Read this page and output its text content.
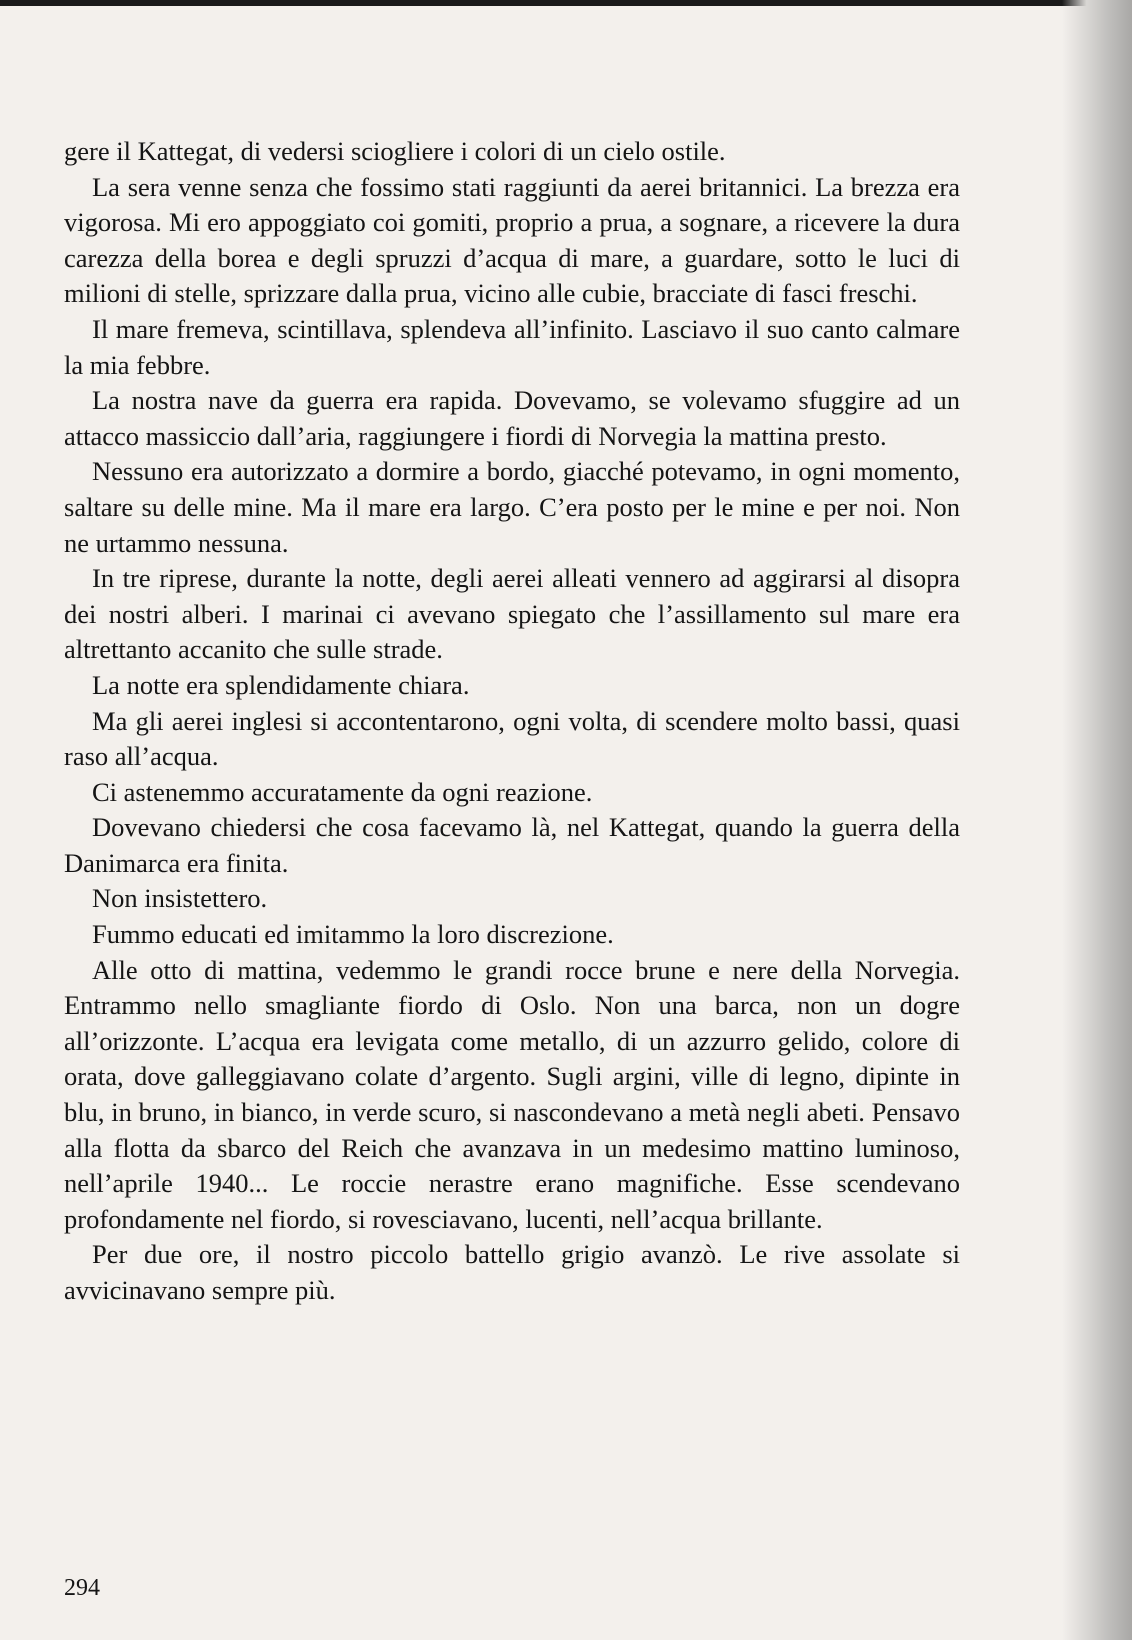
gere il Kattegat, di vedersi sciogliere i colori di un cielo ostile.

La sera venne senza che fossimo stati raggiunti da aerei britannici. La brezza era vigorosa. Mi ero appoggiato coi gomiti, proprio a prua, a sognare, a ricevere la dura carezza della borea e degli spruzzi d’acqua di mare, a guardare, sotto le luci di milioni di stelle, sprizzare dalla prua, vicino alle cubie, bracciate di fasci freschi.

Il mare fremeva, scintillava, splendeva all’infinito. Lasciavo il suo canto calmare la mia febbre.

La nostra nave da guerra era rapida. Dovevamo, se volevamo sfuggire ad un attacco massiccio dall’aria, raggiungere i fiordi di Norvegia la mattina presto.

Nessuno era autorizzato a dormire a bordo, giacché potevamo, in ogni momento, saltare su delle mine. Ma il mare era largo. C’era posto per le mine e per noi. Non ne urtammo nessuna.

In tre riprese, durante la notte, degli aerei alleati vennero ad aggirarsi al disopra dei nostri alberi. I marinai ci avevano spiegato che l’assillamento sul mare era altrettanto accanito che sulle strade.

La notte era splendidamente chiara.

Ma gli aerei inglesi si accontentarono, ogni volta, di scendere molto bassi, quasi raso all’acqua.

Ci astenemmo accuratamente da ogni reazione.

Dovevano chiedersi che cosa facevamo là, nel Kattegat, quando la guerra della Danimarca era finita.

Non insistettero.

Fummo educati ed imitammo la loro discrezione.

Alle otto di mattina, vedemmo le grandi rocce brune e nere della Norvegia. Entrammo nello smagliante fiordo di Oslo. Non una barca, non un dogre all’orizzonte. L’acqua era levigata come metallo, di un azzurro gelido, colore di orata, dove galleggiavano colate d’argento. Sugli argini, ville di legno, dipinte in blu, in bruno, in bianco, in verde scuro, si nascondevano a metà negli abeti. Pensavo alla flotta da sbarco del Reich che avanzava in un medesimo mattino luminoso, nell’aprile 1940... Le roccie nerastre erano magnifiche. Esse scendevano profondamente nel fiordo, si rovesciavano, lucenti, nell’acqua brillante.

Per due ore, il nostro piccolo battello grigio avanzò. Le rive assolate si avvicinavano sempre più.

294
